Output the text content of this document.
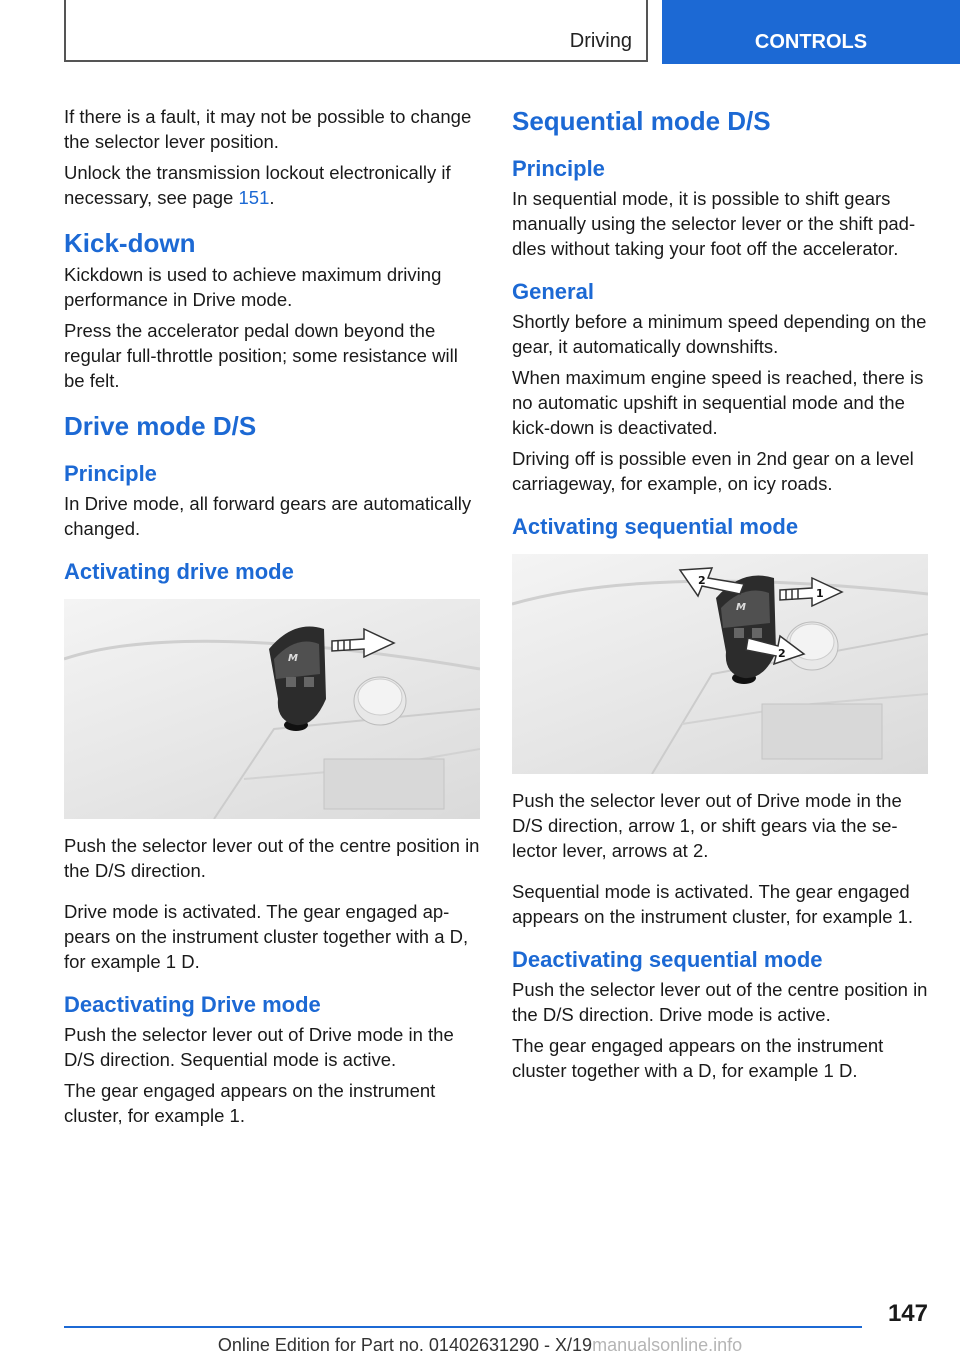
Driving	CONTROLS

If there is a fault, it may not be possible to change the selector lever position.

Unlock the transmission lockout electronically if necessary, see page 151.

Kick-down

Kickdown is used to achieve maximum driving performance in Drive mode.

Press the accelerator pedal down beyond the regular full-throttle position; some resistance will be felt.

Drive mode D/S
Principle

In Drive mode, all forward gears are automatically changed.

Activating drive mode
M

Push the selector lever out of the centre position in the D/S direction.

Drive mode is activated. The gear engaged appears on the instrument cluster together with a D, for example 1 D.

Deactivating Drive mode

Push the selector lever out of Drive mode in the D/S direction. Sequential mode is active.

The gear engaged appears on the instrument cluster, for example 1.

Sequential mode D/S
Principle

In sequential mode, it is possible to shift gears manually using the selector lever or the shift paddles without taking your foot off the accelerator.

General

Shortly before a minimum speed depending on the gear, it automatically downshifts.

When maximum engine speed is reached, there is no automatic upshift in sequential mode and the kick-down is deactivated.

Driving off is possible even in 2nd gear on a level carriageway, for example, on icy roads.

Activating sequential mode
M
2
1
2

Push the selector lever out of Drive mode in the D/S direction, arrow 1, or shift gears via the selector lever, arrows at 2.

Sequential mode is activated. The gear engaged appears on the instrument cluster, for example 1.

Deactivating sequential mode

Push the selector lever out of the centre position in the D/S direction. Drive mode is active.

The gear engaged appears on the instrument cluster together with a D, for example 1 D.

147
Online Edition for Part no. 01402631290 - X/19manualsonline.info
